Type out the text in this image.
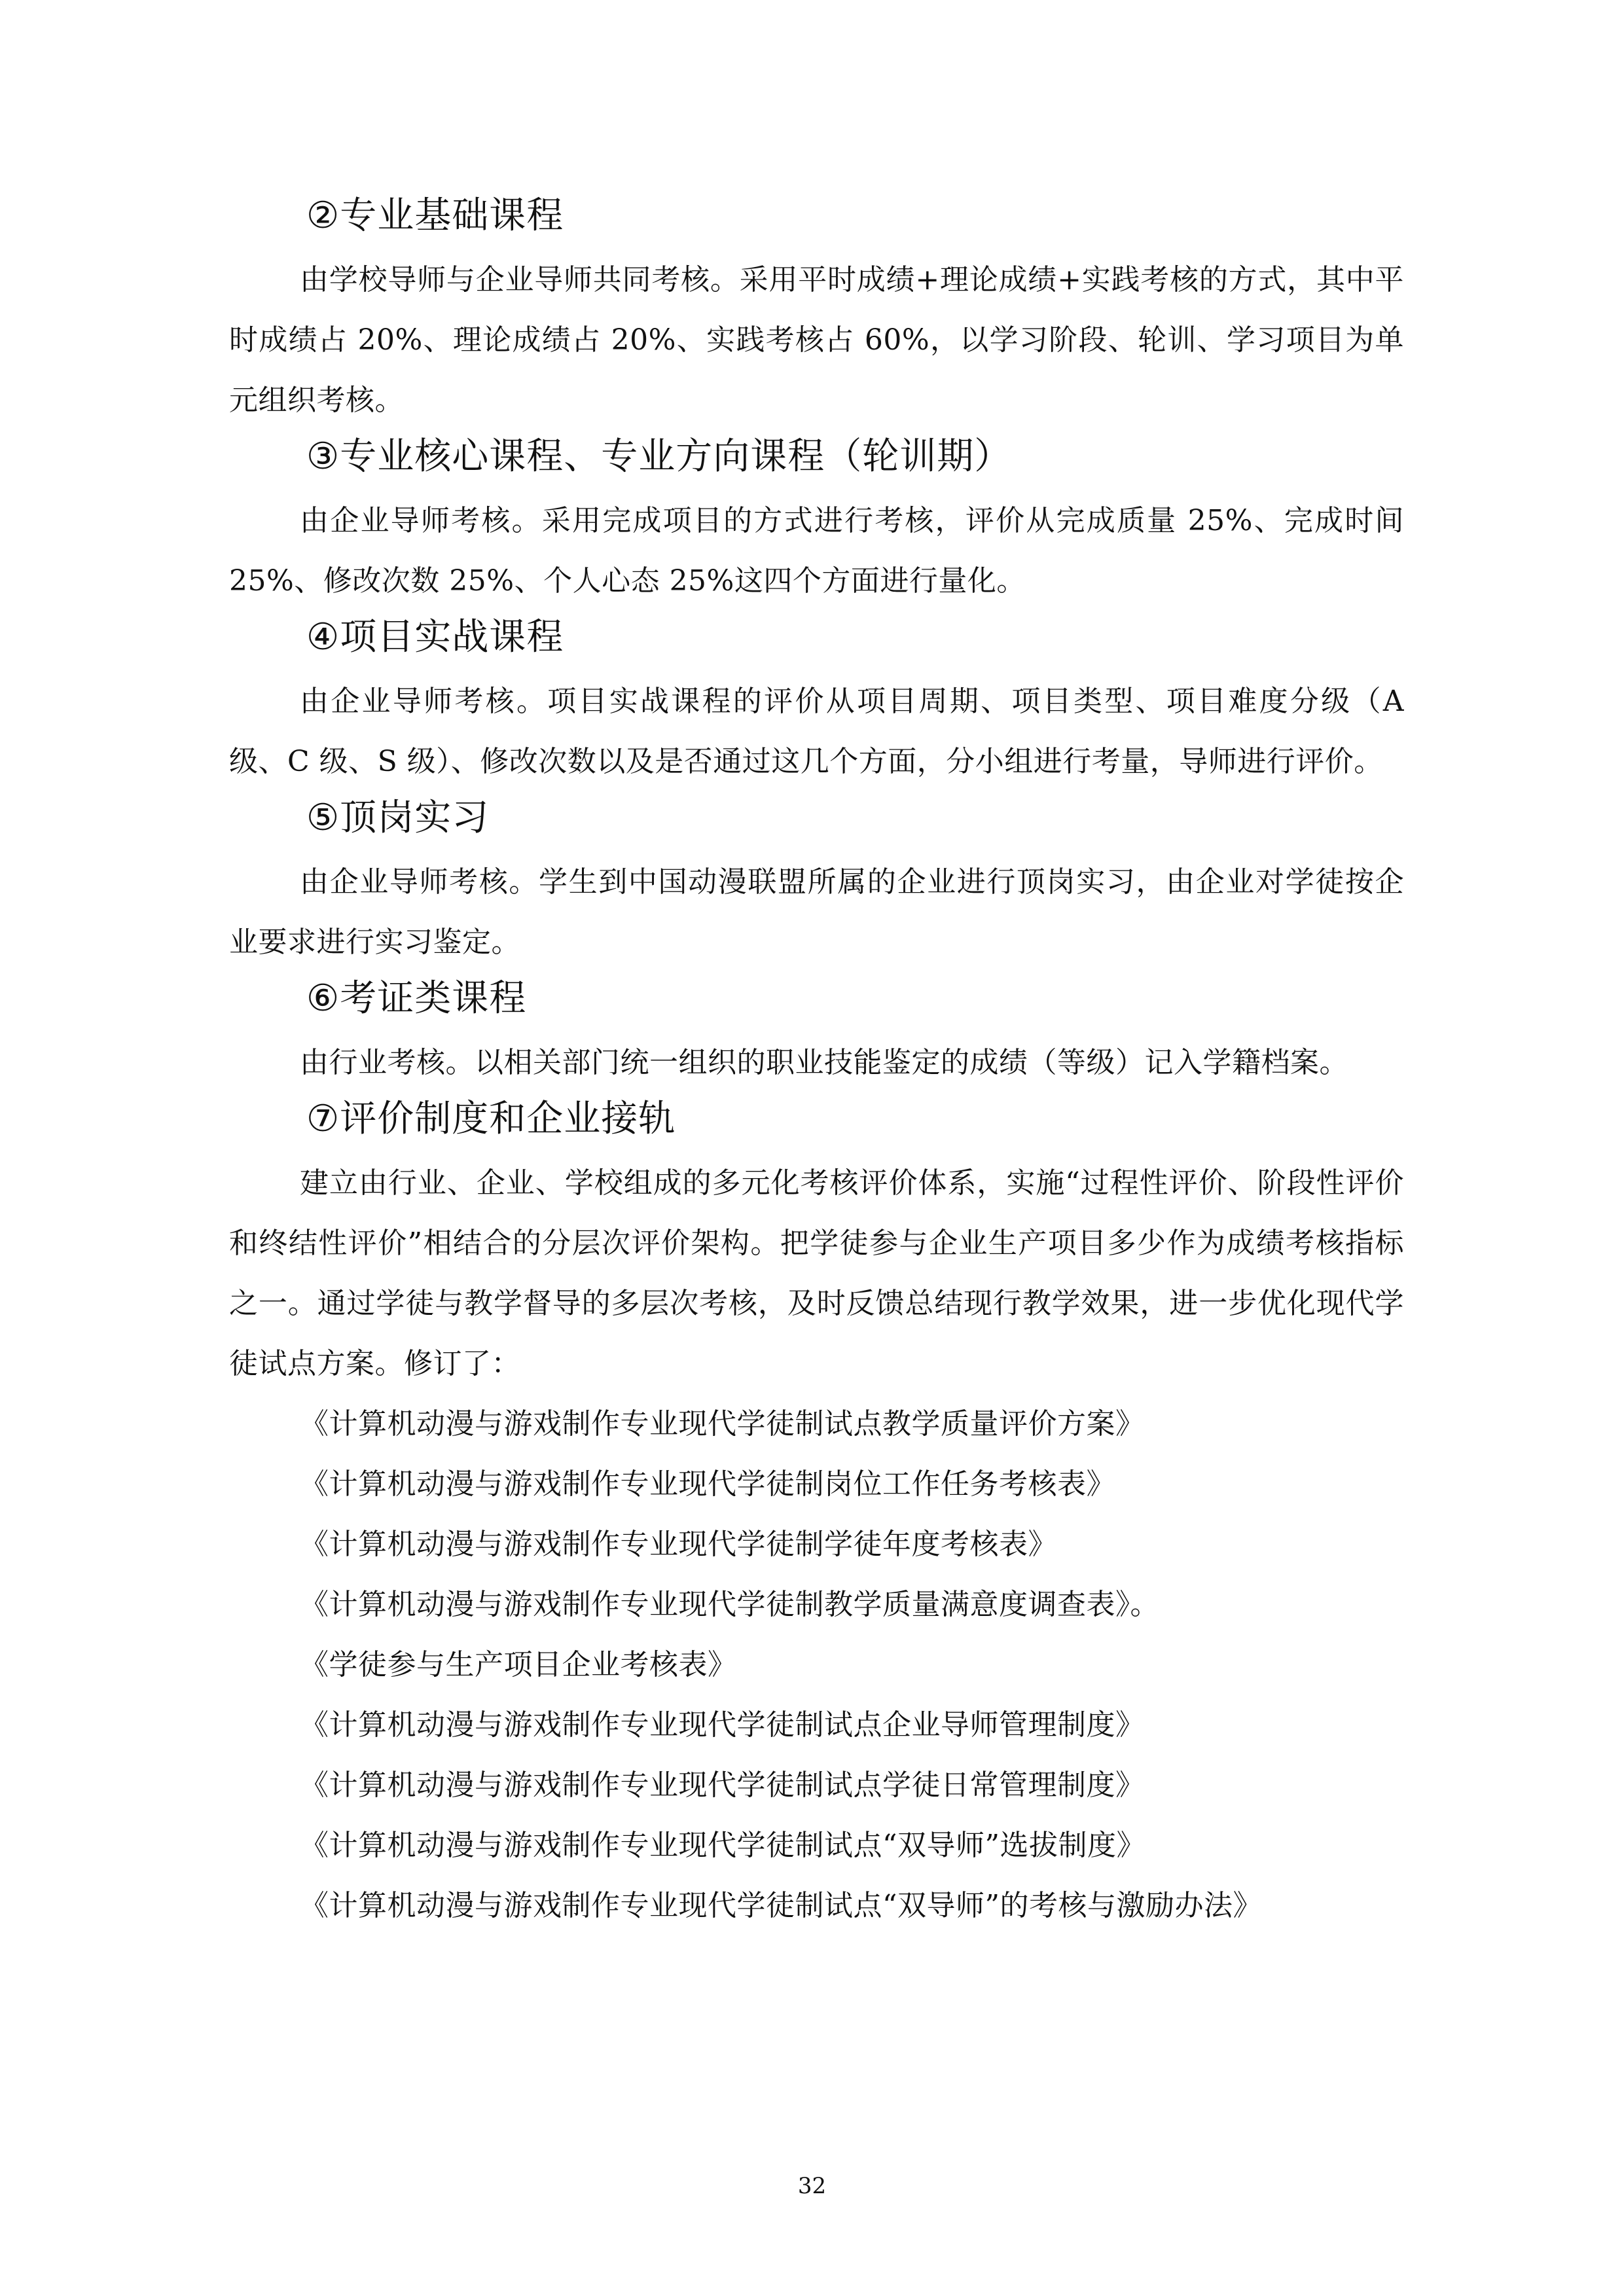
②专业基础课程

由学校导师与企业导师共同考核。采用平时成绩+理论成绩+实践考核的方式，其中平时成绩占 20%、理论成绩占 20%、实践考核占 60%，以学习阶段、轮训、学习项目为单元组织考核。

③专业核心课程、专业方向课程（轮训期）

由企业导师考核。采用完成项目的方式进行考核，评价从完成质量 25%、完成时间 25%、修改次数 25%、个人心态 25%这四个方面进行量化。

④项目实战课程

由企业导师考核。项目实战课程的评价从项目周期、项目类型、项目难度分级（A 级、C 级、S 级）、修改次数以及是否通过这几个方面，分小组进行考量，导师进行评价。

⑤顶岗实习

由企业导师考核。学生到中国动漫联盟所属的企业进行顶岗实习，由企业对学徒按企业要求进行实习鉴定。

⑥考证类课程

由行业考核。以相关部门统一组织的职业技能鉴定的成绩（等级）记入学籍档案。

⑦评价制度和企业接轨

建立由行业、企业、学校组成的多元化考核评价体系，实施“过程性评价、阶段性评价和终结性评价”相结合的分层次评价架构。把学徒参与企业生产项目多少作为成绩考核指标之一。通过学徒与教学督导的多层次考核，及时反馈总结现行教学效果，进一步优化现代学徒试点方案。修订了：

《计算机动漫与游戏制作专业现代学徒制试点教学质量评价方案》
《计算机动漫与游戏制作专业现代学徒制岗位工作任务考核表》
《计算机动漫与游戏制作专业现代学徒制学徒年度考核表》
《计算机动漫与游戏制作专业现代学徒制教学质量满意度调查表》。
《学徒参与生产项目企业考核表》
《计算机动漫与游戏制作专业现代学徒制试点企业导师管理制度》
《计算机动漫与游戏制作专业现代学徒制试点学徒日常管理制度》
《计算机动漫与游戏制作专业现代学徒制试点“双导师”选拔制度》
《计算机动漫与游戏制作专业现代学徒制试点“双导师”的考核与激励办法》
32
